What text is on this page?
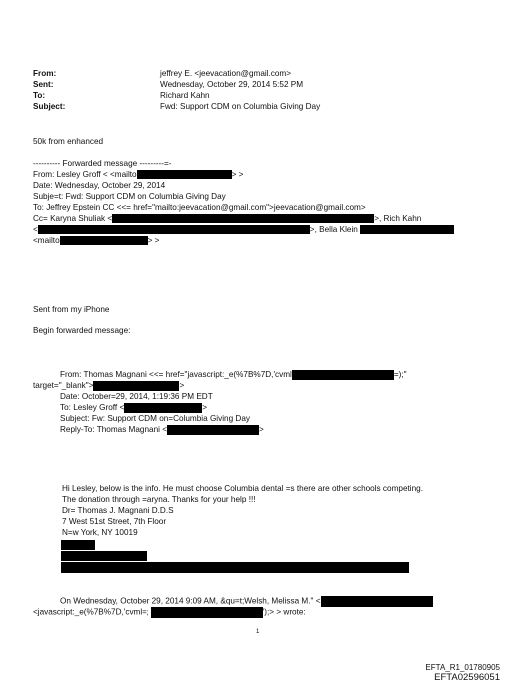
From:	jeffrey E. <jeevacation@gmail.com>
Sent:	Wednesday, October 29, 2014 5:52 PM
To:	Richard Kahn
Subject:	Fwd: Support CDM on Columbia Giving Day
50k from enhanced
---------- Forwarded message ---------=-
From: Lesley Groff < <mailto	> >
Date: Wednesday, October 29, 2014
Subje=t: Fwd: Support CDM on Columbia Giving Day
To: Jeffrey Epstein CC <<= href="mailto:jeevacation@gmail.com">jeevacation@gmail.com>
Cc= Karyna Shuliak <	>, Rich Kahn
<	>, Bella Klein
<mailto	> >
Sent from my iPhone
Begin forwarded message:
From: Thomas Magnani <<= href="javascript:_e(%7B%7D,'cvml	=);"
target="_blank">	>
Date: October=29, 2014, 1:19:36 PM EDT
To: Lesley Groff <	>
Subject: Fw: Support CDM on=Columbia Giving Day
Reply-To: Thomas Magnani <	>
Hi Lesley, below is the info. He must choose Columbia dental =s there are other schools competing.
The donation through =aryna. Thanks for your help !!!
Dr= Thomas J. Magnani D.D.S
7 West 51st Street, 7th Floor
N=w York, NY 10019
On Wednesday, October 29, 2014 9:09 AM, &qu=t;Welsh, Melissa M." <
<javascript:_e(%7B%7D,'cvml=;	');> > wrote:
1
EFTA_R1_01780905
EFTA02596051
